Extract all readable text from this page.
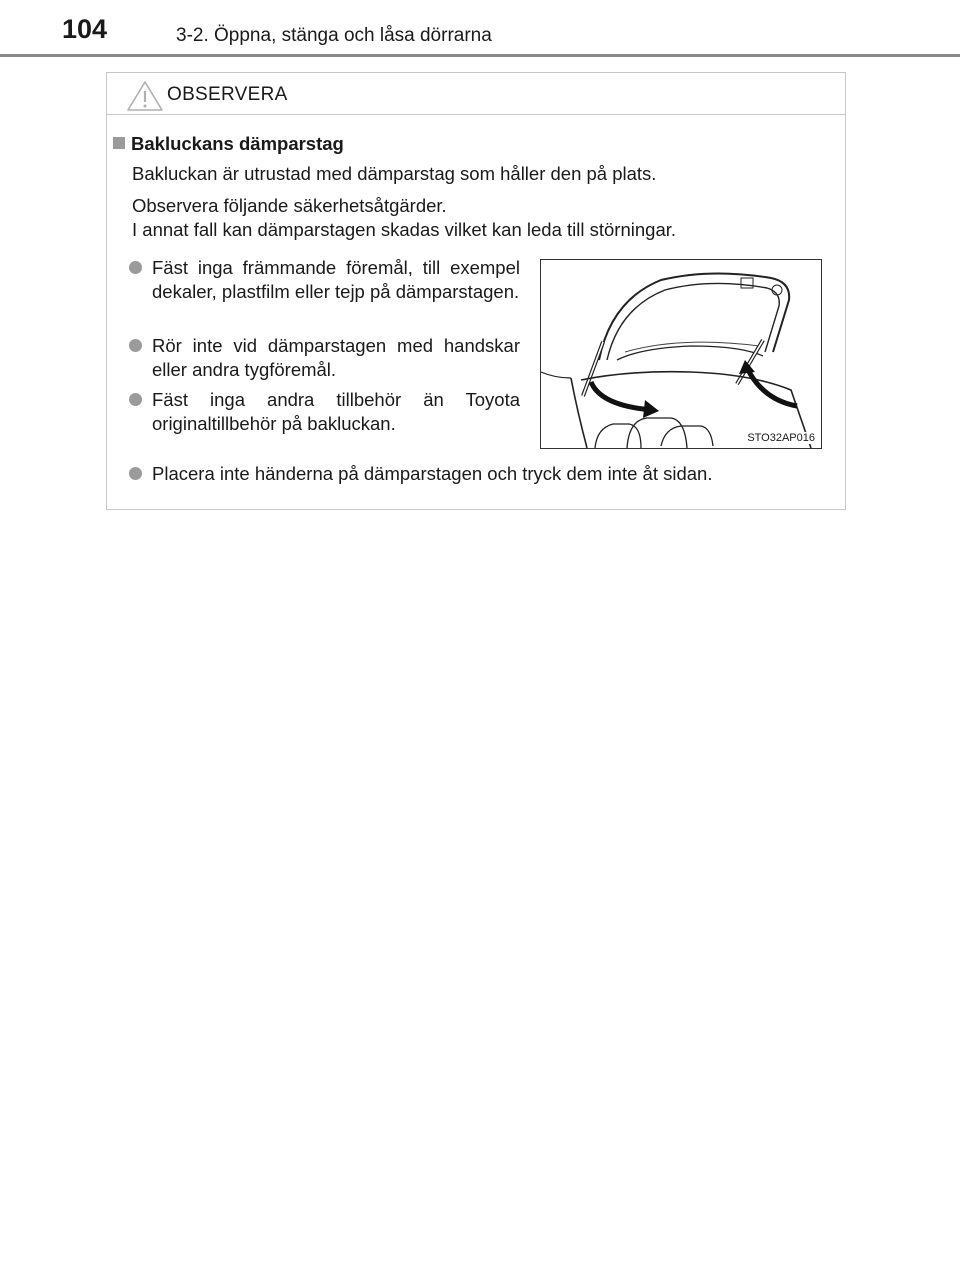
104	3-2. Öppna, stänga och låsa dörrarna
OBSERVERA
Bakluckans dämparstag
Bakluckan är utrustad med dämparstag som håller den på plats.
Observera följande säkerhetsåtgärder.
I annat fall kan dämparstagen skadas vilket kan leda till störningar.
Fäst inga främmande föremål, till exempel dekaler, plastfilm eller tejp på dämparstagen.
Rör inte vid dämparstagen med handskar eller andra tygföremål.
Fäst inga andra tillbehör än Toyota originaltillbehör på bakluckan.
STO32AP016
Placera inte händerna på dämparstagen och tryck dem inte åt sidan.
